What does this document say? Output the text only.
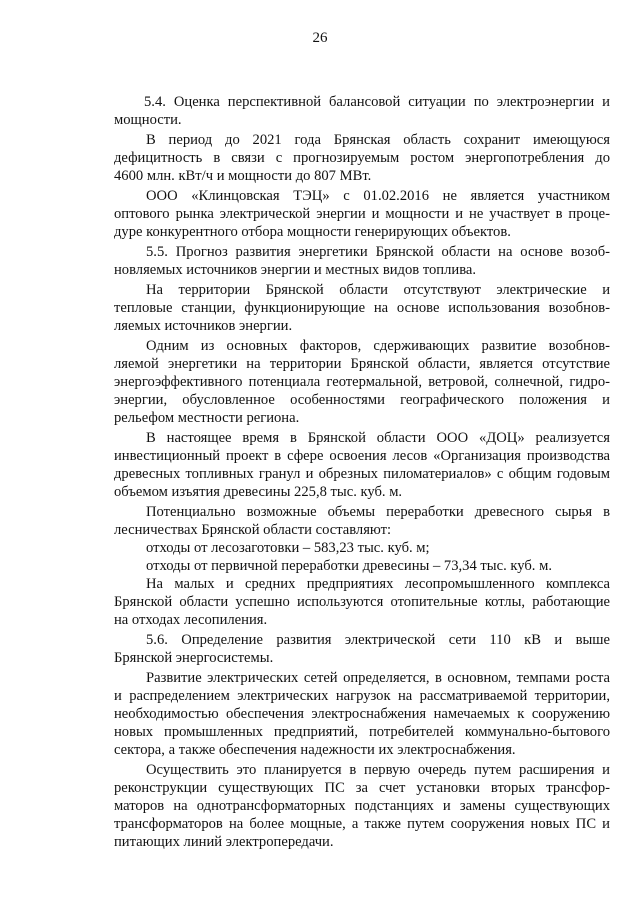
26
5.4. Оценка перспективной балансовой ситуации по электроэнергии и
мощности.
В период до 2021 года Брянская область сохранит имеющуюся
дефицитность в связи с прогнозируемым ростом энергопотребления до
4600 млн. кВт/ч и мощности до 807 МВт.
ООО «Клинцовская ТЭЦ» с 01.02.2016 не является участником
оптового рынка электрической энергии и мощности и не участвует в проце-
дуре конкурентного отбора мощности генерирующих объектов.
5.5. Прогноз развития энергетики Брянской области на основе возоб-
новляемых источников энергии и местных видов топлива.
На территории Брянской области отсутствуют электрические и
тепловые станции, функционирующие на основе использования возобнов-
ляемых источников энергии.
Одним из основных факторов, сдерживающих развитие возобнов-
ляемой энергетики на территории Брянской области, является отсутствие
энергоэффективного потенциала геотермальной, ветровой, солнечной, гидро-
энергии, обусловленное особенностями географического положения и
рельефом местности региона.
В настоящее время в Брянской области ООО «ДОЦ» реализуется
инвестиционный проект в сфере освоения лесов «Организация производства
древесных топливных гранул и обрезных пиломатериалов» с общим годовым
объемом изъятия древесины 225,8 тыс. куб. м.
Потенциально возможные объемы переработки древесного сырья в
лесничествах Брянской области составляют:
отходы от лесозаготовки – 583,23 тыс. куб. м;
отходы от первичной переработки древесины – 73,34 тыс. куб. м.
На малых и средних предприятиях лесопромышленного комплекса
Брянской области успешно используются отопительные котлы, работающие
на отходах лесопиления.
5.6. Определение развития электрической сети 110 кВ и выше
Брянской энергосистемы.
Развитие электрических сетей определяется, в основном, темпами роста
и распределением электрических нагрузок на рассматриваемой территории,
необходимостью обеспечения электроснабжения намечаемых к сооружению
новых промышленных предприятий, потребителей коммунально-бытового
сектора, а также обеспечения надежности их электроснабжения.
Осуществить это планируется в первую очередь путем расширения и
реконструкции существующих ПС за счет установки вторых трансфор-
маторов на однотрансформаторных подстанциях и замены существующих
трансформаторов на более мощные, а также путем сооружения новых ПС и
питающих линий электропередачи.
